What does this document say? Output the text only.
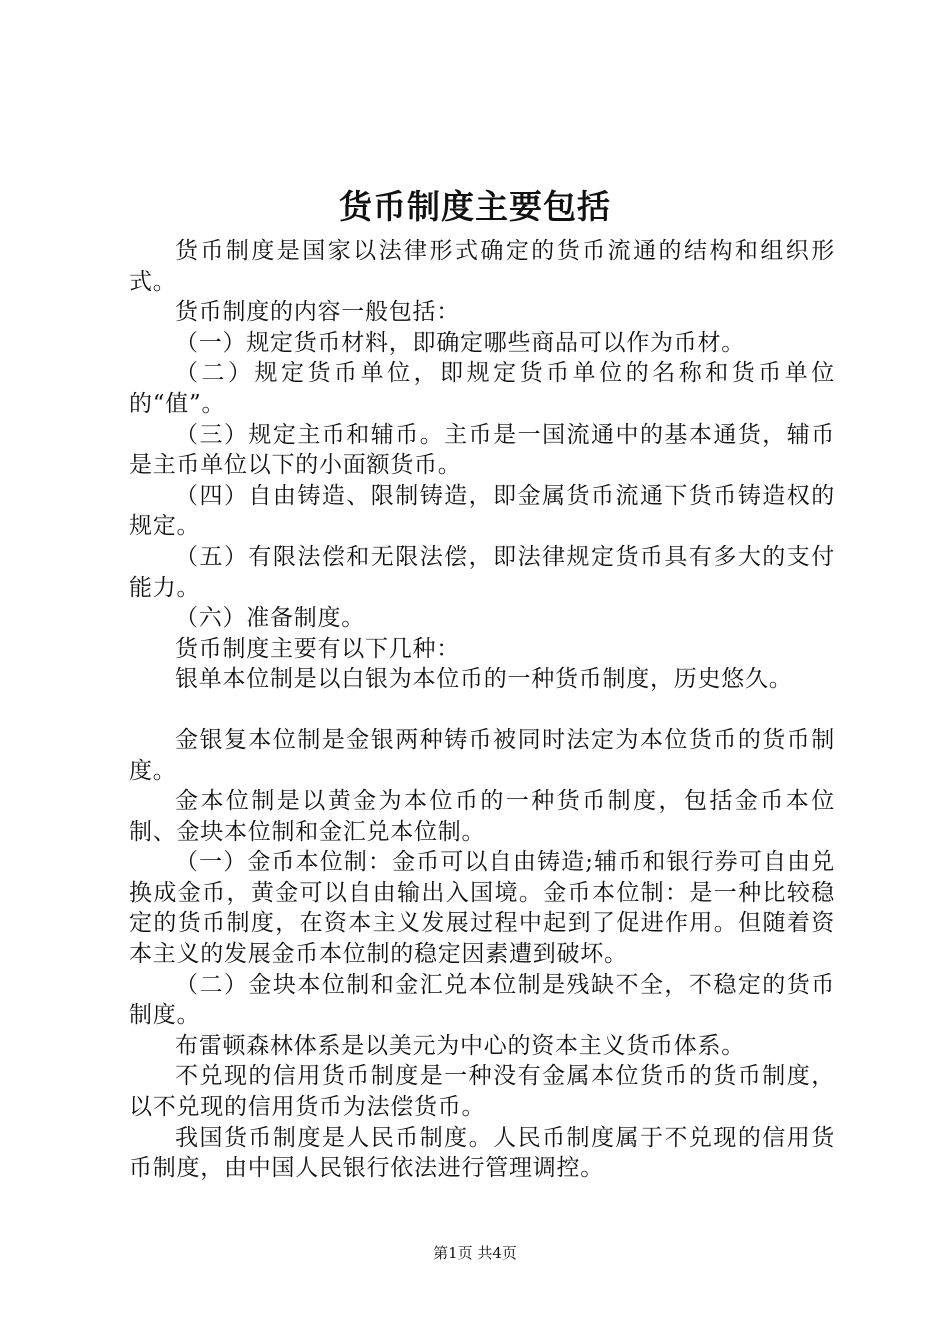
货币制度主要包括

货币制度是国家以法律形式确定的货币流通的结构和组织形式。

货币制度的内容一般包括：

（一）规定货币材料，即确定哪些商品可以作为币材。

（二）规定货币单位，即规定货币单位的名称和货币单位的“值”。

（三）规定主币和辅币。主币是一国流通中的基本通货，辅币是主币单位以下的小面额货币。

（四）自由铸造、限制铸造，即金属货币流通下货币铸造权的规定。

（五）有限法偿和无限法偿，即法律规定货币具有多大的支付能力。

（六）准备制度。

货币制度主要有以下几种：

银单本位制是以白银为本位币的一种货币制度，历史悠久。

金银复本位制是金银两种铸币被同时法定为本位货币的货币制度。

金本位制是以黄金为本位币的一种货币制度，包括金币本位制、金块本位制和金汇兑本位制。

（一）金币本位制：金币可以自由铸造;辅币和银行券可自由兑换成金币，黄金可以自由输出入国境。金币本位制：是一种比较稳定的货币制度，在资本主义发展过程中起到了促进作用。但随着资本主义的发展金币本位制的稳定因素遭到破坏。

（二）金块本位制和金汇兑本位制是残缺不全，不稳定的货币制度。

布雷顿森林体系是以美元为中心的资本主义货币体系。

不兑现的信用货币制度是一种没有金属本位货币的货币制度，以不兑现的信用货币为法偿货币。

我国货币制度是人民币制度。人民币制度属于不兑现的信用货币制度，由中国人民银行依法进行管理调控。

第1页 共4页
